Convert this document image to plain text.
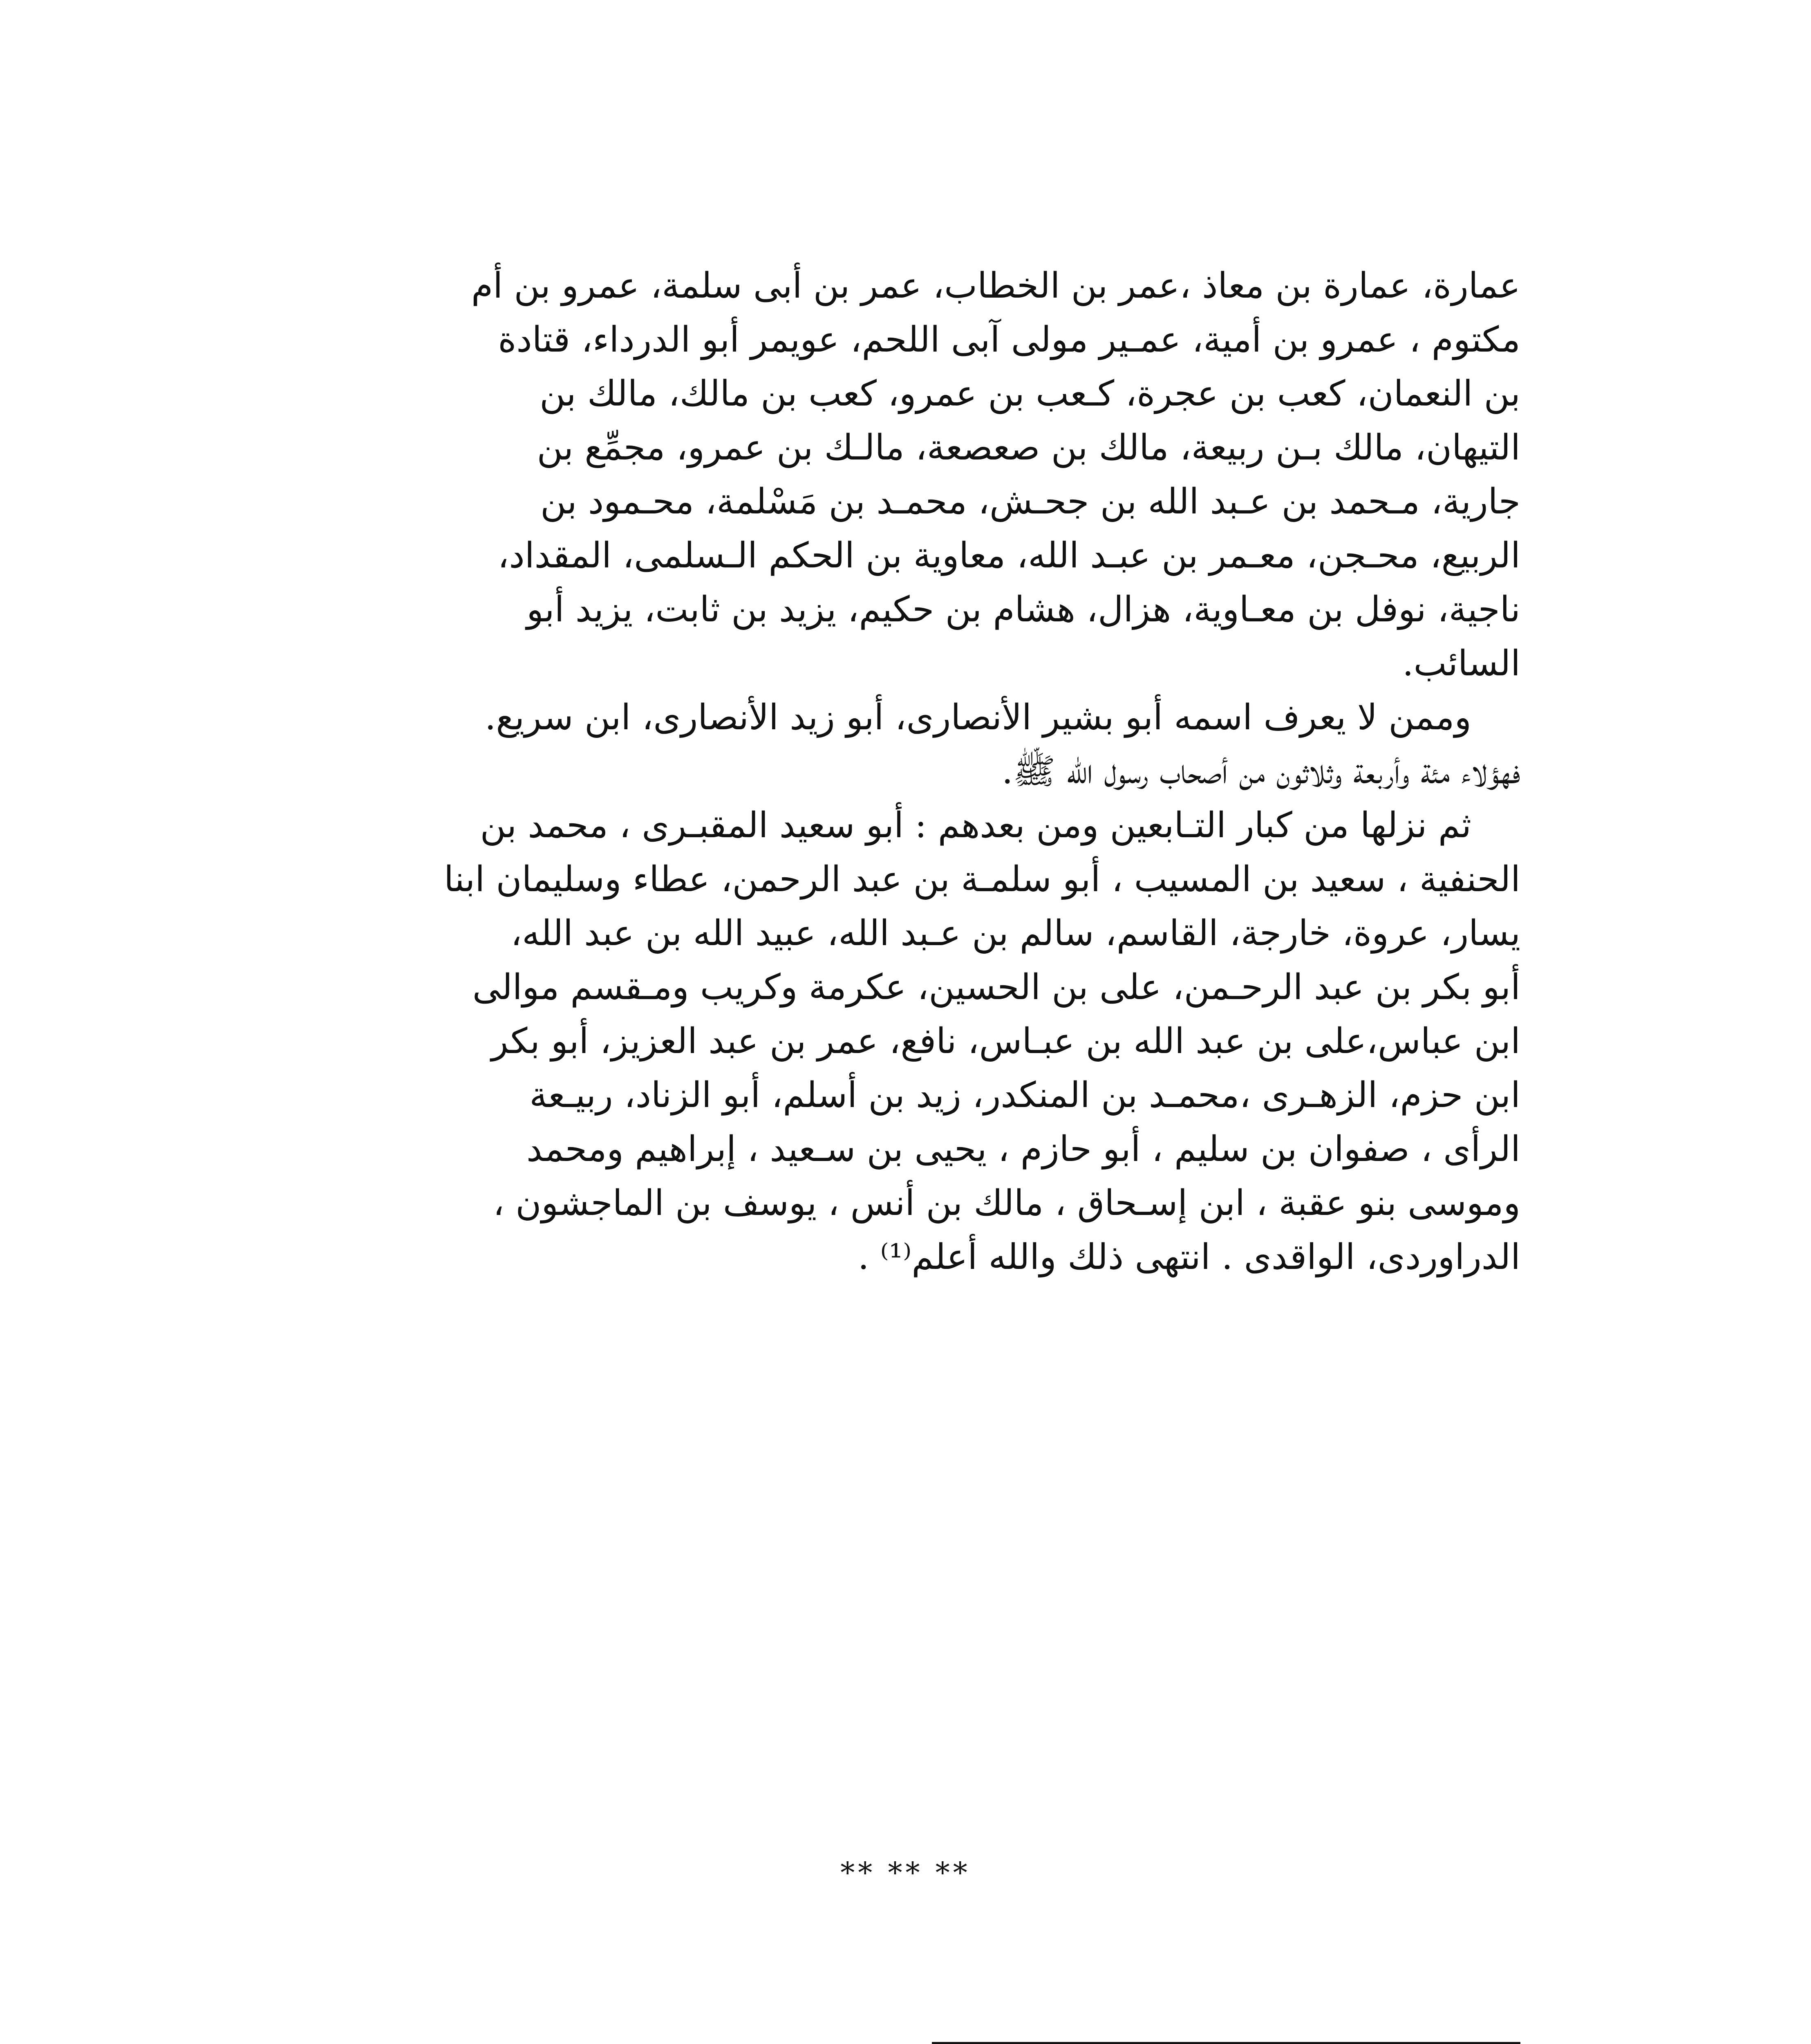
عمارة، عمارة بن معاذ ،عمر بن الخطاب، عمر بن أبى سلمة، عمرو بن أم
مكتوم ، عمرو بن أمية، عمـير مولى آبى اللحم، عويمر أبو الدرداء، قتادة
بن النعمان، كعب بن عجرة، كـعب بن عمرو، كعب بن مالك، مالك بن
التيهان، مالك بـن ربيعة، مالك بن صعصعة، مالـك بن عمرو، مجمِّع بن
جارية، مـحمد بن عـبد الله بن جحـش، محمـد بن مَسْلمة، محـمود بن
الربيع، محـجن، معـمر بن عبـد الله، معاوية بن الحكم الـسلمى، المقداد،
ناجية، نوفل بن معـاوية، هزال، هشام بن حكيم، يزيد بن ثابت، يزيد أبو
السائب.
وممن لا يعرف اسمه أبو بشير الأنصارى، أبو زيد الأنصارى، ابن سريع.
فهؤلاء مئة وأربعة وثلاثون من أصحاب رسول الله ﷺ.
ثم نزلها من كبار التـابعين ومن بعدهم : أبو سعيد المقبـرى ، محمد بن
الحنفية ، سعيد بن المسيب ، أبو سلمـة بن عبد الرحمن، عطاء وسليمان ابنا
يسار، عروة، خارجة، القاسم، سالم بن عـبد الله، عبيد الله بن عبد الله،
أبو بكر بن عبد الرحـمن، على بن الحسين، عكرمة وكريب ومـقسم موالى
ابن عباس،على بن عبد الله بن عبـاس، نافع، عمر بن عبد العزيز، أبو بكر
ابن حزم، الزهـرى ،محمـد بن المنكدر، زيد بن أسلم، أبو الزناد، ربيـعة
الرأى ، صفوان بن سليم ، أبو حازم ، يحيى بن سـعيد ، إبراهيم ومحمد
وموسى بنو عقبة ، ابن إسـحاق ، مالك بن أنس ، يوسف بن الماجشون ،
الدراوردى، الواقدى . انتهى ذلك والله أعلم⁽¹⁾ .
** ** **
